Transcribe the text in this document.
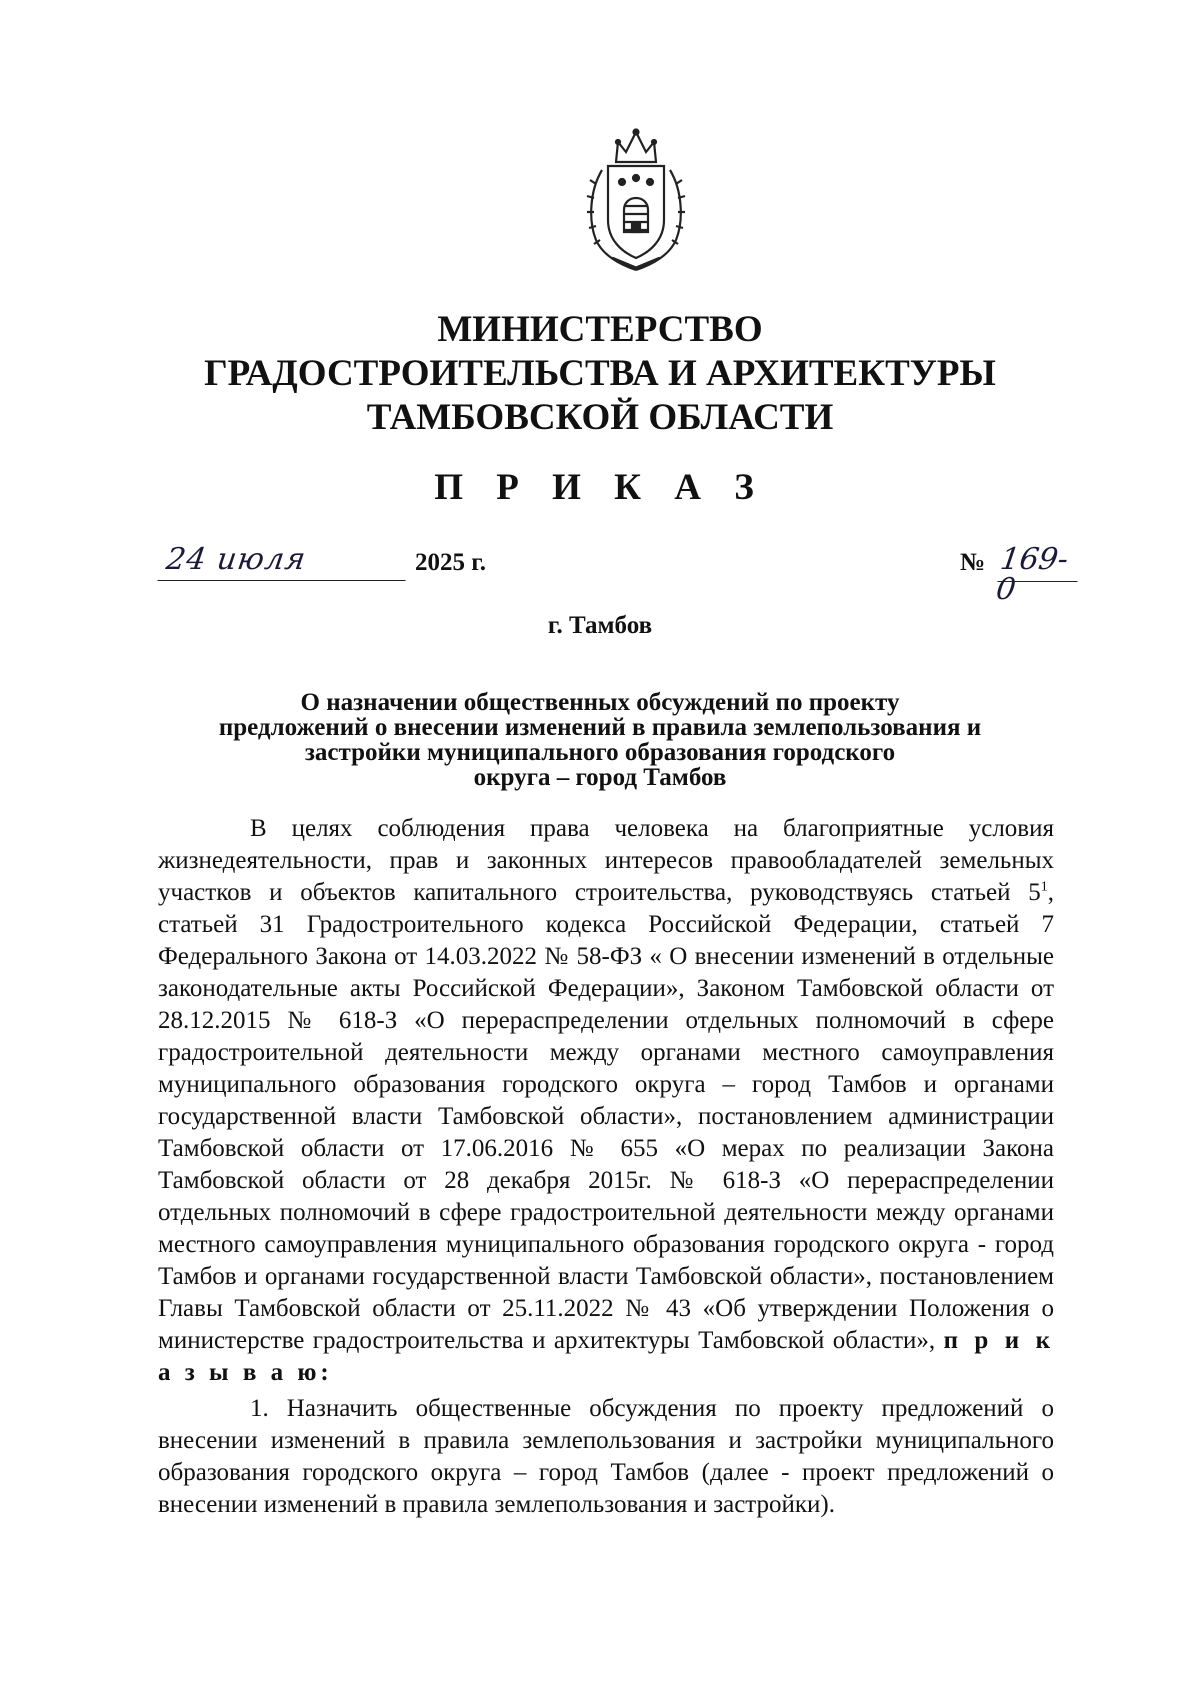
МИНИСТЕРСТВО
ГРАДОСТРОИТЕЛЬСТВА И АРХИТЕКТУРЫ
ТАМБОВСКОЙ ОБЛАСТИ
П Р И К А З
24 июля	2025 г.	№ 169-0
г. Тамбов
О назначении общественных обсуждений по проекту
предложений о внесении изменений в правила землепользования и
застройки муниципального образования городского
округа – город Тамбов

В целях соблюдения права человека на благоприятные условия жизнедеятельности, прав и законных интересов правообладателей земельных участков и объектов капитального строительства, руководствуясь статьей $5^1$, статьей 31 Градостроительного кодекса Российской Федерации, статьей 7 Федерального Закона от 14.03.2022 № 58-ФЗ « О внесении изменений в отдельные законодательные акты Российской Федерации», Законом Тамбовской области от 28.12.2015 № 618-З «О перераспределении отдельных полномочий в сфере градостроительной деятельности между органами местного самоуправления муниципального образования городского округа – город Тамбов и органами государственной власти Тамбовской области», постановлением администрации Тамбовской области от 17.06.2016 № 655 «О мерах по реализации Закона Тамбовской области от 28 декабря 2015г. № 618-З «О перераспределении отдельных полномочий в сфере градостроительной деятельности между органами местного самоуправления муниципального образования городского округа - город Тамбов и органами государственной власти Тамбовской области», постановлением Главы Тамбовской области от 25.11.2022 № 43 «Об утверждении Положения о министерстве градостроительства и архитектуры Тамбовской области», п р и к а з ы в а ю:

1. Назначить общественные обсуждения по проекту предложений о внесении изменений в правила землепользования и застройки муниципального образования городского округа – город Тамбов (далее - проект предложений о внесении изменений в правила землепользования и застройки).
